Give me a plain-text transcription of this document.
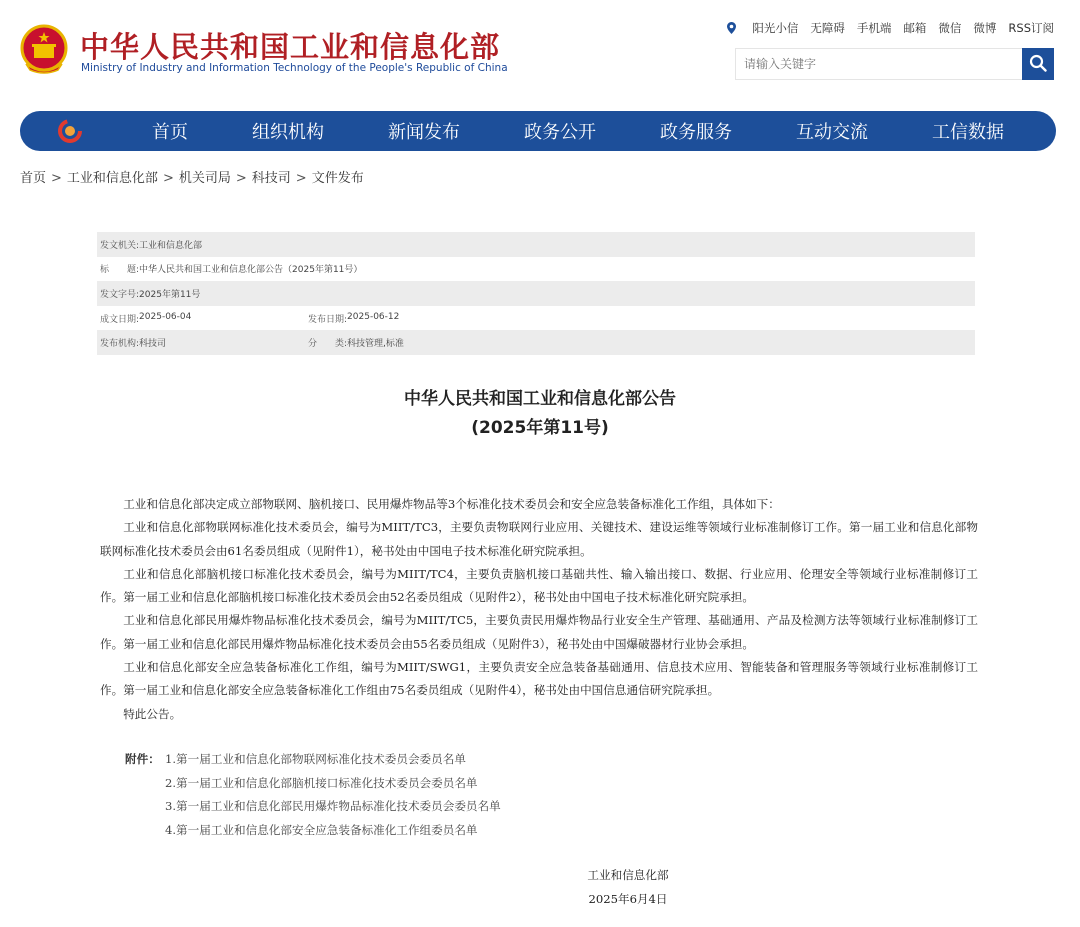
中华人民共和国工业和信息化部
Ministry of Industry and Information Technology of the People's Republic of China
阳光小信 无障碍 手机端 邮箱 微信 微博 RSS订阅
请输入关键字
首页	组织机构	新闻发布	政务公开	政务服务	互动交流	工信数据
首页 > 工业和信息化部 > 机关司局 > 科技司 > 文件发布
发文机关: 工业和信息化部
标　　题: 中华人民共和国工业和信息化部公告（2025年第11号）
发文字号: 2025年第11号
成文日期: 2025-06-04	发布日期: 2025-06-12
发布机构: 科技司	分　　类: 科技管理,标准
中华人民共和国工业和信息化部公告
(2025年第11号)

工业和信息化部决定成立部物联网、脑机接口、民用爆炸物品等3个标准化技术委员会和安全应急装备标准化工作组，具体如下：

工业和信息化部物联网标准化技术委员会，编号为MIIT/TC3，主要负责物联网行业应用、关键技术、建设运维等领域行业标准制修订工作。第一届工业和信息化部物联网标准化技术委员会由61名委员组成（见附件1），秘书处由中国电子技术标准化研究院承担。

工业和信息化部脑机接口标准化技术委员会，编号为MIIT/TC4，主要负责脑机接口基础共性、输入输出接口、数据、行业应用、伦理安全等领域行业标准制修订工作。第一届工业和信息化部脑机接口标准化技术委员会由52名委员组成（见附件2），秘书处由中国电子技术标准化研究院承担。

工业和信息化部民用爆炸物品标准化技术委员会，编号为MIIT/TC5，主要负责民用爆炸物品行业安全生产管理、基础通用、产品及检测方法等领域行业标准制修订工作。第一届工业和信息化部民用爆炸物品标准化技术委员会由55名委员组成（见附件3），秘书处由中国爆破器材行业协会承担。

工业和信息化部安全应急装备标准化工作组，编号为MIIT/SWG1，主要负责安全应急装备基础通用、信息技术应用、智能装备和管理服务等领域行业标准制修订工作。第一届工业和信息化部安全应急装备标准化工作组由75名委员组成（见附件4），秘书处由中国信息通信研究院承担。

特此公告。

附件： 1.第一届工业和信息化部物联网标准化技术委员会委员名单
2.第一届工业和信息化部脑机接口标准化技术委员会委员名单
3.第一届工业和信息化部民用爆炸物品标准化技术委员会委员名单
4.第一届工业和信息化部安全应急装备标准化工作组委员名单
工业和信息化部
2025年6月4日
